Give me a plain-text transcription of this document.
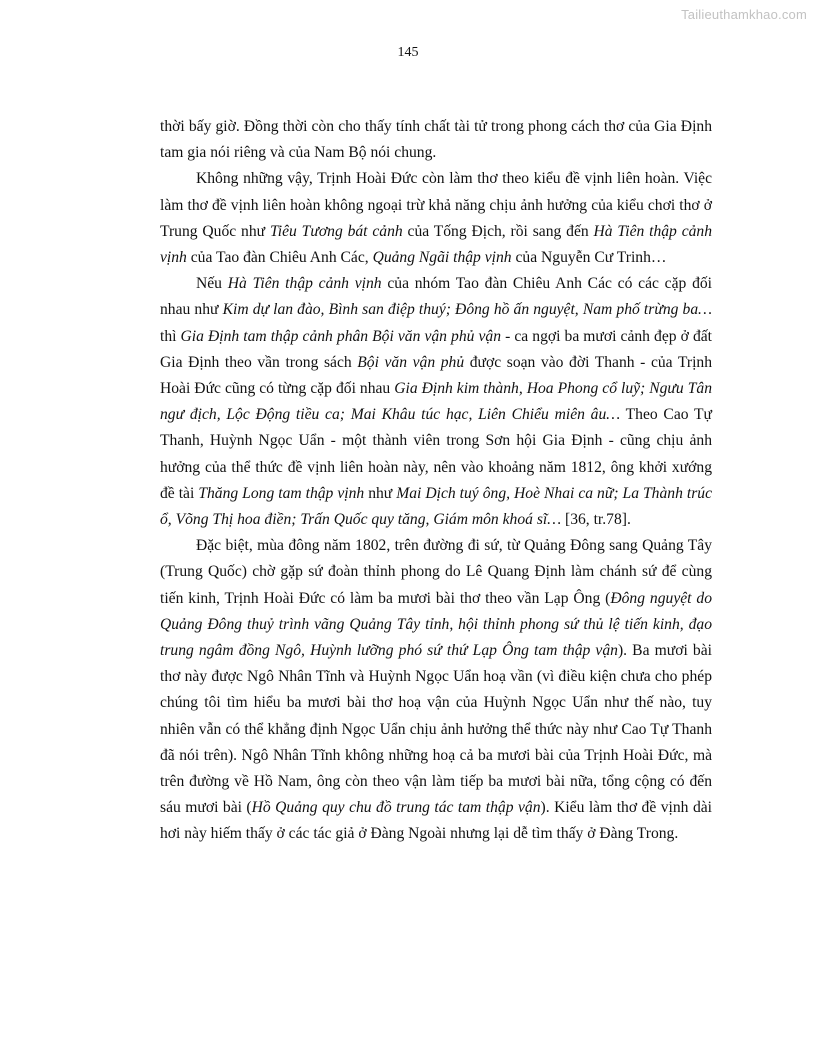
Tailieuthamkhao.com
145

thời bấy giờ. Đồng thời còn cho thấy tính chất tài tử trong phong cách thơ của Gia Định tam gia nói riêng và của Nam Bộ nói chung.

Không những vậy, Trịnh Hoài Đức còn làm thơ theo kiểu đề vịnh liên hoàn. Việc làm thơ đề vịnh liên hoàn không ngoại trừ khả năng chịu ảnh hưởng của kiểu chơi thơ ở Trung Quốc như Tiêu Tương bát cảnh của Tống Địch, rồi sang đến Hà Tiên thập cảnh vịnh của Tao đàn Chiêu Anh Các, Quảng Ngãi thập vịnh của Nguyễn Cư Trinh…

Nếu Hà Tiên thập cảnh vịnh của nhóm Tao đàn Chiêu Anh Các có các cặp đối nhau như Kim dự lan đào, Bình san điệp thuý; Đông hồ ấn nguyệt, Nam phố trừng ba… thì Gia Định tam thập cảnh phân Bội văn vận phủ vận - ca ngợi ba mươi cảnh đẹp ở đất Gia Định theo vần trong sách Bội văn vận phủ được soạn vào đời Thanh - của Trịnh Hoài Đức cũng có từng cặp đối nhau Gia Định kim thành, Hoa Phong cổ luỹ; Ngưu Tân ngư địch, Lộc Động tiều ca; Mai Khâu túc hạc, Liên Chiểu miên âu… Theo Cao Tự Thanh, Huỳnh Ngọc Uẩn - một thành viên trong Sơn hội Gia Định - cũng chịu ảnh hưởng của thể thức đề vịnh liên hoàn này, nên vào khoảng năm 1812, ông khởi xướng đề tài Thăng Long tam thập vịnh như Mai Dịch tuý ông, Hoè Nhai ca nữ; La Thành trúc ổ, Võng Thị hoa điền; Trấn Quốc quy tăng, Giám môn khoá sĩ… [36, tr.78].

Đặc biệt, mùa đông năm 1802, trên đường đi sứ, từ Quảng Đông sang Quảng Tây (Trung Quốc) chờ gặp sứ đoàn thỉnh phong do Lê Quang Định làm chánh sứ để cùng tiến kinh, Trịnh Hoài Đức có làm ba mươi bài thơ theo vần Lạp Ông (Đông nguyệt do Quảng Đông thuỷ trình vãng Quảng Tây tỉnh, hội thỉnh phong sứ thủ lệ tiến kinh, đạo trung ngâm đồng Ngô, Huỳnh lưỡng phó sứ thứ Lạp Ông tam thập vận). Ba mươi bài thơ này được Ngô Nhân Tĩnh và Huỳnh Ngọc Uẩn hoạ vần (vì điều kiện chưa cho phép chúng tôi tìm hiểu ba mươi bài thơ hoạ vận của Huỳnh Ngọc Uẩn như thế nào, tuy nhiên vẫn có thể khẳng định Ngọc Uẩn chịu ảnh hưởng thể thức này như Cao Tự Thanh đã nói trên). Ngô Nhân Tĩnh không những hoạ cả ba mươi bài của Trịnh Hoài Đức, mà trên đường về Hồ Nam, ông còn theo vận làm tiếp ba mươi bài nữa, tổng cộng có đến sáu mươi bài (Hồ Quảng quy chu đồ trung tác tam thập vận). Kiểu làm thơ đề vịnh dài hơi này hiếm thấy ở các tác giả ở Đàng Ngoài nhưng lại dễ tìm thấy ở Đàng Trong.
